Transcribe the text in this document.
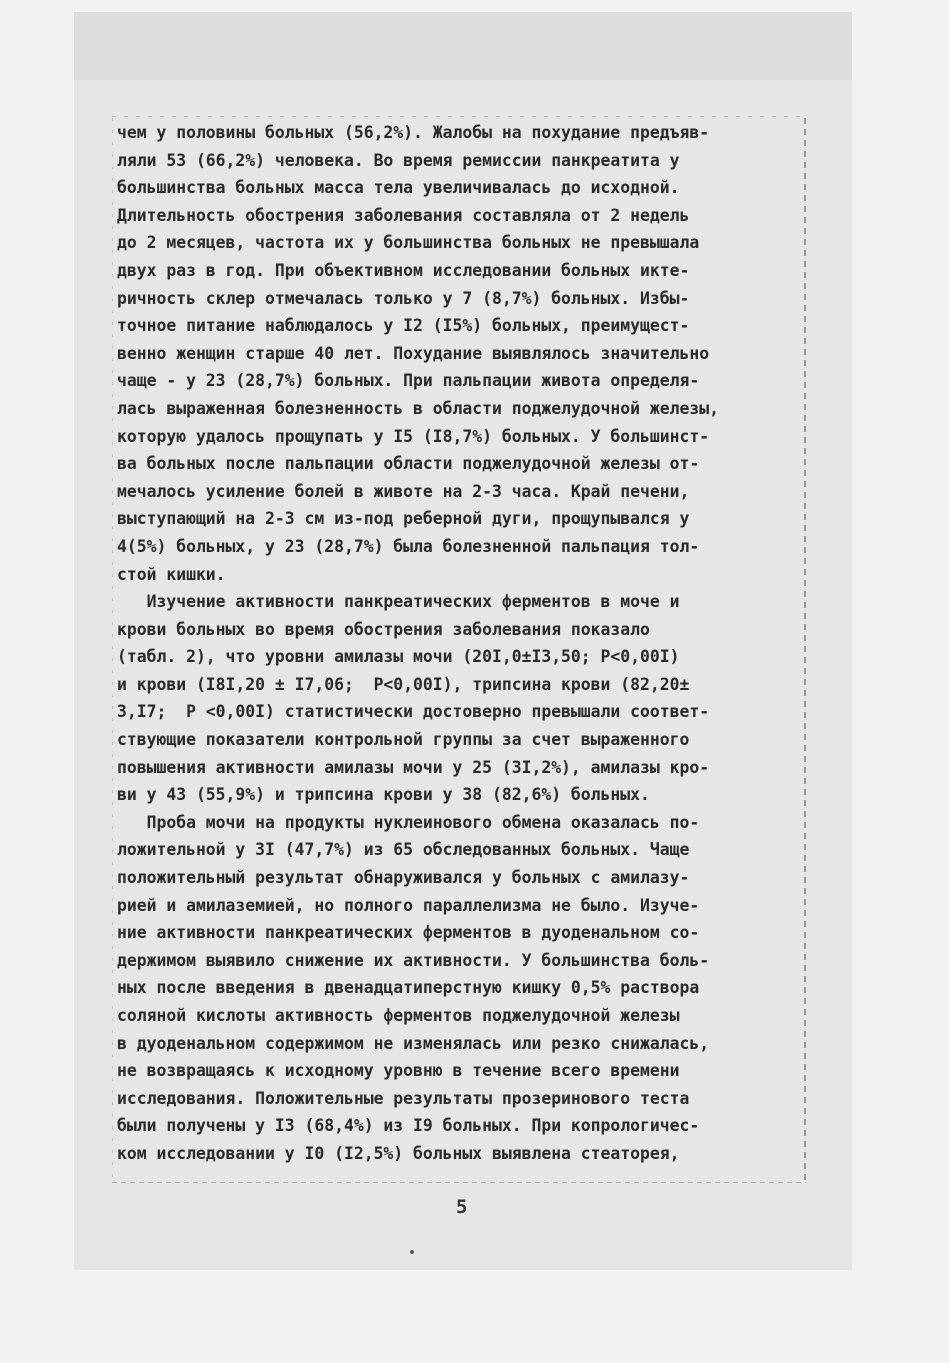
чем у половины больных (56,2%). Жалобы на похудание предъяв-
ляли 53 (66,2%) человека. Во время ремиссии панкреатита у
большинства больных масса тела увеличивалась до исходной.
Длительность обострения заболевания составляла от 2 недель
до 2 месяцев, частота их у большинства больных не превышала
двух раз в год. При объективном исследовании больных икте-
ричность склер отмечалась только у 7 (8,7%) больных. Избы-
точное питание наблюдалось у I2 (I5%) больных, преимущест-
венно женщин старше 40 лет. Похудание выявлялось значительно
чаще - у 23 (28,7%) больных. При пальпации живота определя-
лась выраженная болезненность в области поджелудочной железы,
которую удалось прощупать у I5 (I8,7%) больных. У большинст-
ва больных после пальпации области поджелудочной железы от-
мечалось усиление болей в животе на 2-3 часа. Край печени,
выступающий на 2-3 см из-под реберной дуги, прощупывался у
4(5%) больных, у 23 (28,7%) была болезненной пальпация тол-
стой кишки.
Изучение активности панкреатических ферментов в моче и
крови больных во время обострения заболевания показало
(табл. 2), что уровни амилазы мочи (20I,0±I3,50; P<0,00I)
и крови (I8I,20 ± I7,06;  P<0,00I), трипсина крови (82,20±
3,I7;  P <0,00I) статистически достоверно превышали соответ-
ствующие показатели контрольной группы за счет выраженного
повышения активности амилазы мочи у 25 (3I,2%), амилазы кро-
ви у 43 (55,9%) и трипсина крови у 38 (82,6%) больных.
Проба мочи на продукты нуклеинового обмена оказалась по-
ложительной у 3I (47,7%) из 65 обследованных больных. Чаще
положительный результат обнаруживался у больных с амилазу-
рией и амилаземией, но полного параллелизма не было. Изуче-
ние активности панкреатических ферментов в дуоденальном со-
держимом выявило снижение их активности. У большинства боль-
ных после введения в двенадцатиперстную кишку 0,5% раствора
соляной кислоты активность ферментов поджелудочной железы
в дуоденальном содержимом не изменялась или резко снижалась,
не возвращаясь к исходному уровню в течение всего времени
исследования. Положительные результаты прозеринового теста
были получены у I3 (68,4%) из I9 больных. При копрологичес-
ком исследовании у I0 (I2,5%) больных выявлена стеаторея,
5
